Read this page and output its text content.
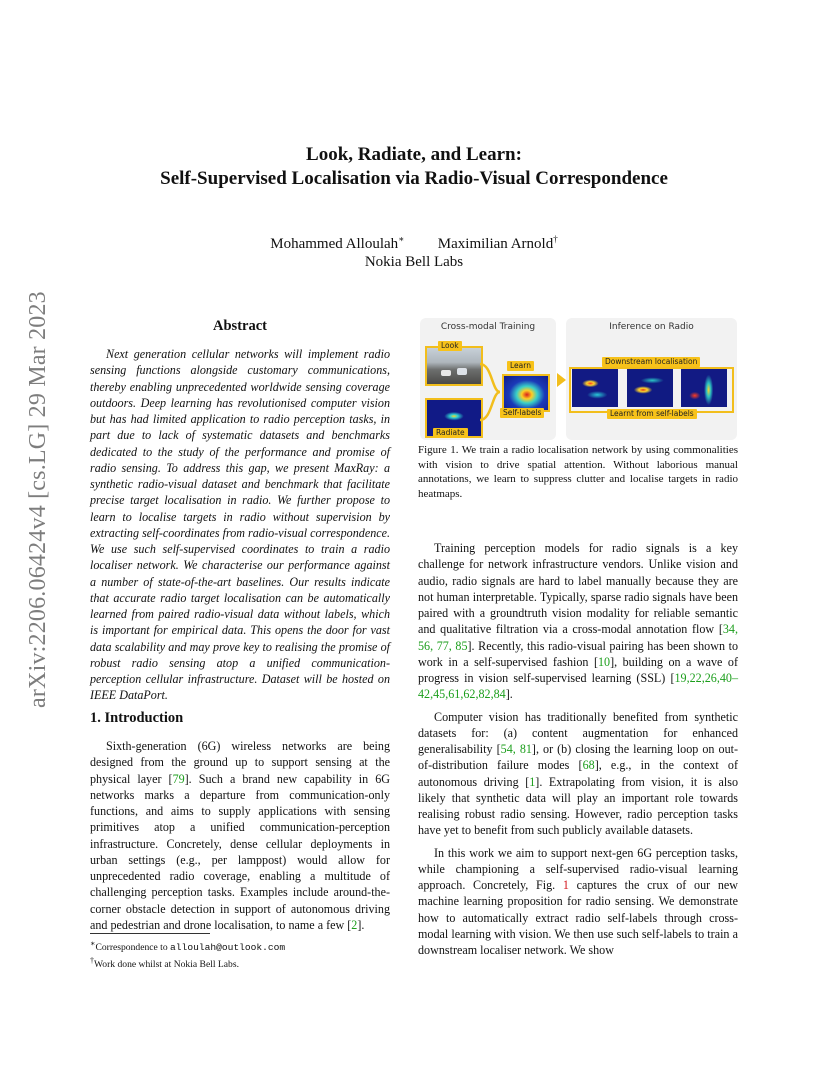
arXiv:2206.06424v4 [cs.LG] 29 Mar 2023
Look, Radiate, and Learn:
Self-Supervised Localisation via Radio-Visual Correspondence
Mohammed Alloulah∗ Maximilian Arnold†
Nokia Bell Labs
Abstract
Next generation cellular networks will implement radio sensing functions alongside customary communications, thereby enabling unprecedented worldwide sensing coverage outdoors. Deep learning has revolutionised computer vision but has had limited application to radio perception tasks, in part due to lack of systematic datasets and benchmarks dedicated to the study of the performance and promise of radio sensing. To address this gap, we present MaxRay: a synthetic radio-visual dataset and benchmark that facilitate precise target localisation in radio. We further propose to learn to localise targets in radio without supervision by extracting self-coordinates from radio-visual correspondence. We use such self-supervised coordinates to train a radio localiser network. We characterise our performance against a number of state-of-the-art baselines. Our results indicate that accurate radio target localisation can be automatically learned from paired radio-visual data without labels, which is important for empirical data. This opens the door for vast data scalability and may prove key to realising the promise of robust radio sensing atop a unified communication-perception cellular infrastructure. Dataset will be hosted on IEEE DataPort.
1. Introduction

Sixth-generation (6G) wireless networks are being designed from the ground up to support sensing at the physical layer [79]. Such a brand new capability in 6G networks marks a departure from communication-only functions, and aims to supply applications with sensing primitives atop a unified communication-perception infrastructure. Concretely, dense cellular deployments in urban settings (e.g., per lamppost) would allow for unprecedented radio coverage, enabling a multitude of challenging perception tasks. Examples include around-the-corner obstacle detection in support of autonomous driving and pedestrian and drone localisation, to name a few [2].

∗Correspondence to alloulah@outlook.com
†Work done whilst at Nokia Bell Labs.
Cross-modal Training
Look
Radiate
Learn
Self-labels
Inference on Radio
Downstream localisation
Learnt from self-labels
Figure 1. We train a radio localisation network by using commonalities with vision to drive spatial attention. Without laborious manual annotations, we learn to suppress clutter and localise targets in radio heatmaps.

Training perception models for radio signals is a key challenge for network infrastructure vendors. Unlike vision and audio, radio signals are hard to label manually because they are not human interpretable. Typically, sparse radio signals have been paired with a groundtruth vision modality for reliable semantic and qualitative filtration via a cross-modal annotation flow [34, 56, 77, 85]. Recently, this radio-visual pairing has been shown to work in a self-supervised fashion [10], building on a wave of progress in vision self-supervised learning (SSL) [19,22,26,40–42,45,61,62,82,84].

Computer vision has traditionally benefited from synthetic datasets for: (a) content augmentation for enhanced generalisability [54, 81], or (b) closing the learning loop on out-of-distribution failure modes [68], e.g., in the context of autonomous driving [1]. Extrapolating from vision, it is also likely that synthetic data will play an important role towards realising robust radio sensing. However, radio perception tasks have yet to benefit from such publicly available datasets.

In this work we aim to support next-gen 6G perception tasks, while championing a self-supervised radio-visual learning approach. Concretely, Fig. 1 captures the crux of our new machine learning proposition for radio sensing. We demonstrate how to automatically extract radio self-labels through cross-modal learning with vision. We then use such self-labels to train a downstream localiser network. We show
